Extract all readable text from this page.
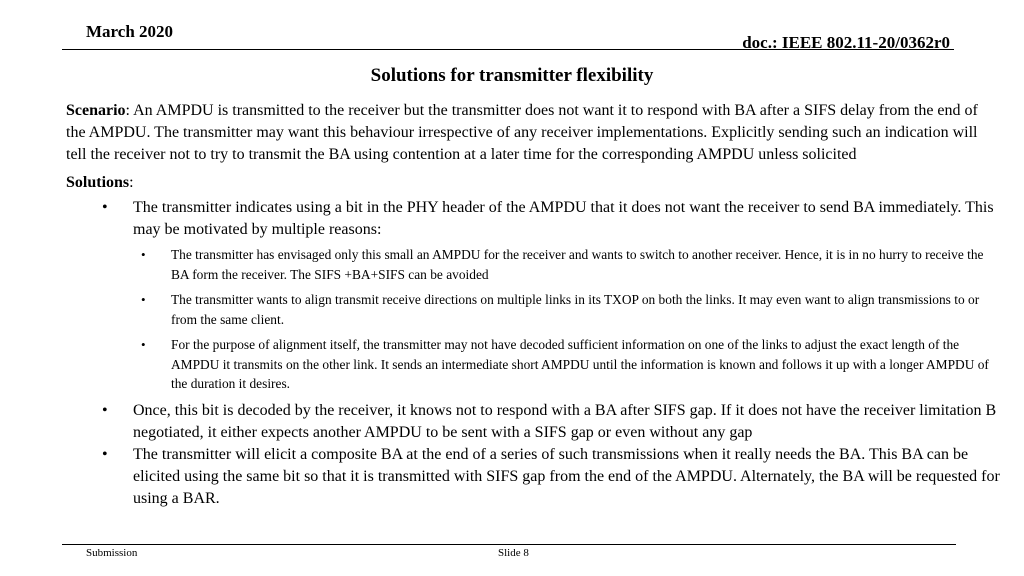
March 2020
doc.: IEEE 802.11-20/0362r0
Solutions for transmitter flexibility

Scenario: An AMPDU is transmitted to the receiver but the transmitter does not want it to respond with BA after a SIFS delay from the end of the AMPDU. The transmitter may want this behaviour irrespective of any receiver implementations. Explicitly sending such an indication will tell the receiver not to try to transmit the BA using contention at a later time for the corresponding AMPDU unless solicited

Solutions:

• The transmitter indicates using a bit in the PHY header of the AMPDU that it does not want the receiver to send BA immediately. This may be motivated by multiple reasons:
• The transmitter has envisaged only this small an AMPDU for the receiver and wants to switch to another receiver. Hence, it is in no hurry to receive the BA form the receiver. The SIFS +BA+SIFS can be avoided
• The transmitter wants to align transmit receive directions on multiple links in its TXOP on both the links. It may even want to align transmissions to or from the same client.
• For the purpose of alignment itself, the transmitter may not have decoded sufficient information on one of the links to adjust the exact length of the AMPDU it transmits on the other link. It sends an intermediate short AMPDU until the information is known and follows it up with a longer AMPDU of the duration it desires.
• Once, this bit is decoded by the receiver, it knows not to respond with a BA after SIFS gap. If it does not have the receiver limitation B negotiated, it either expects another AMPDU to be sent with a SIFS gap or even without any gap
• The transmitter will elicit a composite BA at the end of a series of such transmissions when it really needs the BA. This BA can be elicited using the same bit so that it is transmitted with SIFS gap from the end of the AMPDU. Alternately, the BA will be requested for using a BAR.
Submission	Slide 8
